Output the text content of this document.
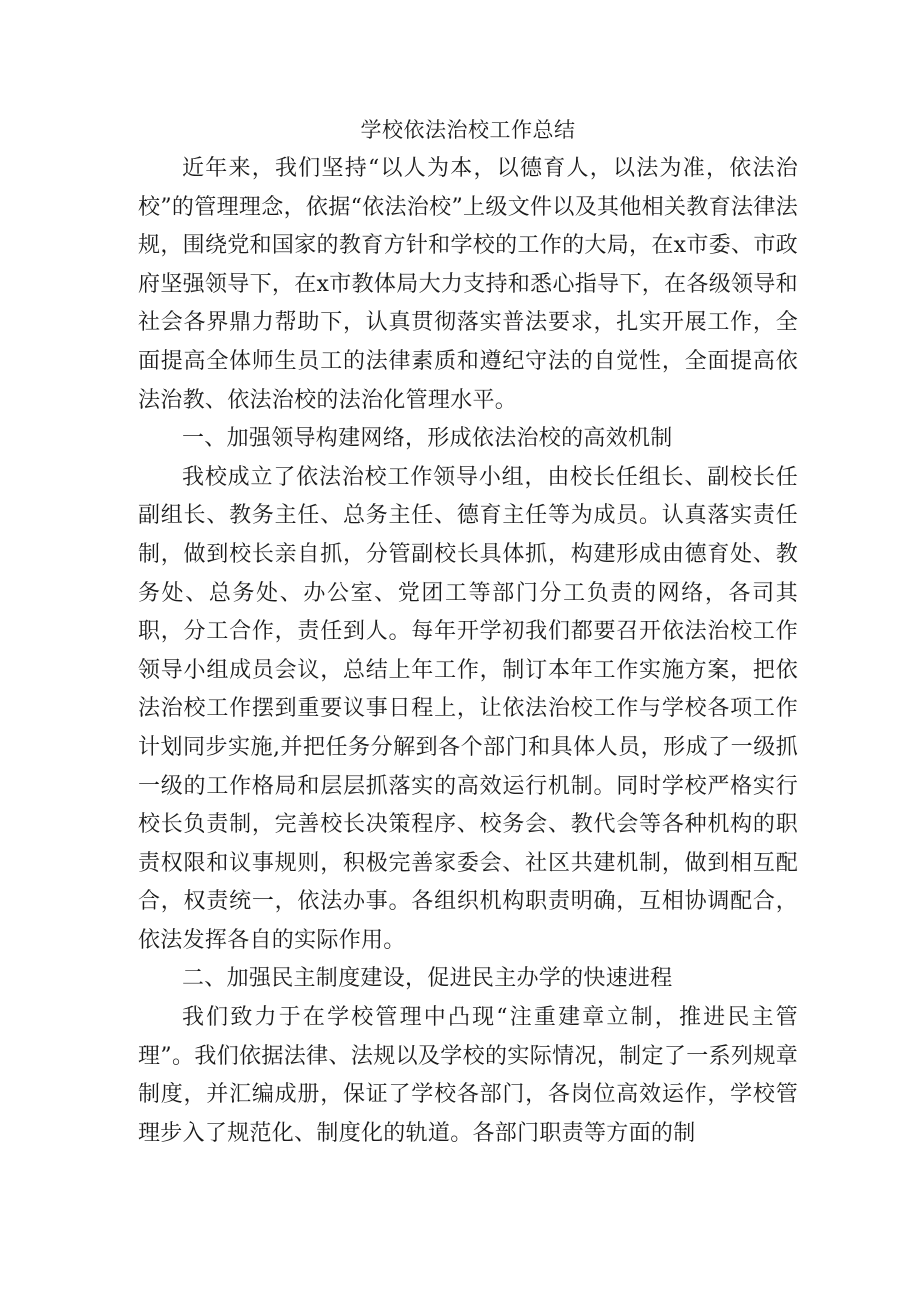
学校依法治校工作总结

近年来，我们坚持“以人为本，以德育人，以法为准，依法治校”的管理理念，依据“依法治校”上级文件以及其他相关教育法律法规，围绕党和国家的教育方针和学校的工作的大局，在x市委、市政府坚强领导下，在x市教体局大力支持和悉心指导下，在各级领导和社会各界鼎力帮助下，认真贯彻落实普法要求，扎实开展工作，全面提高全体师生员工的法律素质和遵纪守法的自觉性，全面提高依法治教、依法治校的法治化管理水平。

一、加强领导构建网络，形成依法治校的高效机制

我校成立了依法治校工作领导小组，由校长任组长、副校长任副组长、教务主任、总务主任、德育主任等为成员。认真落实责任制，做到校长亲自抓，分管副校长具体抓，构建形成由德育处、教务处、总务处、办公室、党团工等部门分工负责的网络，各司其职，分工合作，责任到人。每年开学初我们都要召开依法治校工作领导小组成员会议，总结上年工作，制订本年工作实施方案，把依法治校工作摆到重要议事日程上，让依法治校工作与学校各项工作计划同步实施,并把任务分解到各个部门和具体人员，形成了一级抓一级的工作格局和层层抓落实的高效运行机制。同时学校严格实行校长负责制，完善校长决策程序、校务会、教代会等各种机构的职责权限和议事规则，积极完善家委会、社区共建机制，做到相互配合，权责统一，依法办事。各组织机构职责明确，互相协调配合，依法发挥各自的实际作用。

二、加强民主制度建设，促进民主办学的快速进程

我们致力于在学校管理中凸现“注重建章立制，推进民主管理”。我们依据法律、法规以及学校的实际情况，制定了一系列规章制度，并汇编成册，保证了学校各部门，各岗位高效运作，学校管理步入了规范化、制度化的轨道。各部门职责等方面的制
